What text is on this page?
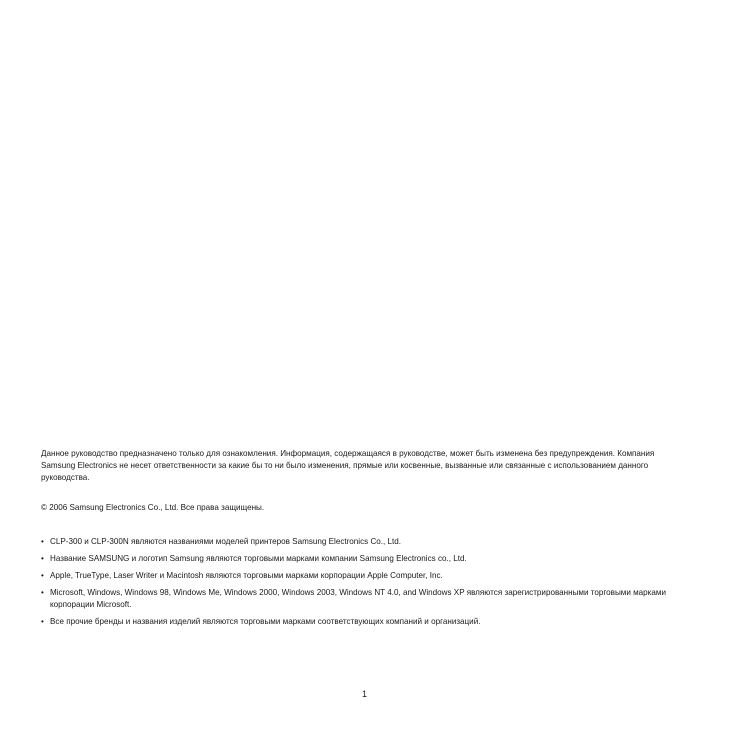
Данное руководство предназначено только для ознакомления. Информация, содержащаяся в руководстве, может быть изменена без предупреждения. Компания Samsung Electronics не несет ответственности за какие бы то ни было изменения, прямые или косвенные, вызванные или связанные с использованием данного руководства.

© 2006 Samsung Electronics Co., Ltd. Все права защищены.

• CLP-300 и CLP-300N являются названиями моделей принтеров Samsung Electronics Co., Ltd.
• Название SAMSUNG и логотип Samsung являются торговыми марками компании Samsung Electronics co., Ltd.
• Apple, TrueType, Laser Writer и Macintosh являются торговыми марками корпорации Apple Computer, Inc.
• Microsoft, Windows, Windows 98, Windows Me, Windows 2000, Windows 2003, Windows NT 4.0, and Windows XP являются зарегистрированными торговыми марками корпорации Microsoft.
• Все прочие бренды и названия изделий являются торговыми марками соответствующих компаний и организаций.
1
